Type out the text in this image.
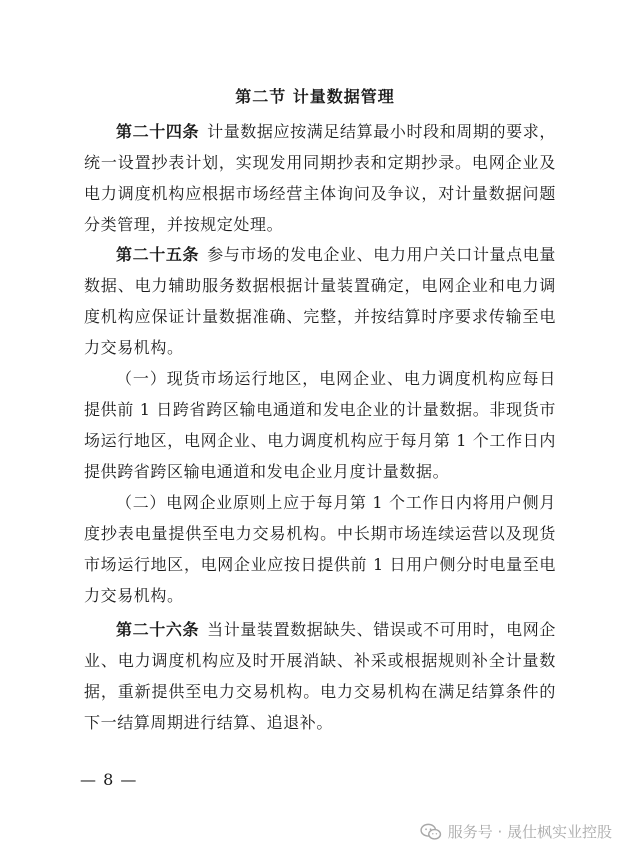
第二节 计量数据管理

第二十四条 计量数据应按满足结算最小时段和周期的要求，统一设置抄表计划，实现发用同期抄表和定期抄录。电网企业及电力调度机构应根据市场经营主体询问及争议，对计量数据问题分类管理，并按规定处理。

第二十五条 参与市场的发电企业、电力用户关口计量点电量数据、电力辅助服务数据根据计量装置确定，电网企业和电力调度机构应保证计量数据准确、完整，并按结算时序要求传输至电力交易机构。

（一）现货市场运行地区，电网企业、电力调度机构应每日提供前 1 日跨省跨区输电通道和发电企业的计量数据。非现货市场运行地区，电网企业、电力调度机构应于每月第 1 个工作日内提供跨省跨区输电通道和发电企业月度计量数据。

（二）电网企业原则上应于每月第 1 个工作日内将用户侧月度抄表电量提供至电力交易机构。中长期市场连续运营以及现货市场运行地区，电网企业应按日提供前 1 日用户侧分时电量至电力交易机构。

第二十六条 当计量装置数据缺失、错误或不可用时，电网企业、电力调度机构应及时开展消缺、补采或根据规则补全计量数据，重新提供至电力交易机构。电力交易机构在满足结算条件的下一结算周期进行结算、追退补。

— 8 —
服务号 · 晟仕枫实业控股
